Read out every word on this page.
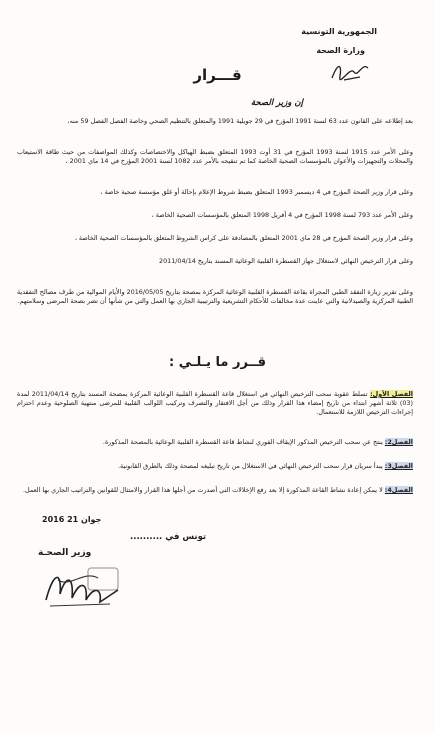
الجمهورية التونسية
وزارة الصحة
قـــرار
إن وزير الصحة
بعد إطلاعه على القانون عدد 63 لسنة 1991 المؤرخ في 29 جويلية 1991 والمتعلق بالتنظيم الصحي وخاصة الفصل الفصل 59 منه،
وعلى الأمر عدد 1915 لسنة 1993 المؤرخ في 31 أوت 1993 المتعلق بضبط الهياكل والاختصاصات وكذلك المواصفات من حيث طاقة الاستيعاب والمحلات والتجهيزات والأعوان بالمؤسسات الصحية الخاصة كما تم تنقيحه بالأمر عدد 1082 لسنة 2001 المؤرخ في 14 ماي 2001 ،
وعلى قرار وزير الصحة المؤرخ في 4 ديسمبر 1993 المتعلق بضبط شروط الإعلام بإحالة أو غلق مؤسسة صحية خاصة ،
وعلى الأمر عدد 793 لسنة 1998 المؤرخ في 4 أفريل 1998 المتعلق بالمؤسسات الصحية الخاصة ،
وعلى قرار وزير الصحة المؤرخ في 28 ماي 2001 المتعلق بالمصادقة على كراس الشروط المتعلق بالمؤسسات الصحية الخاصة ،
وعلى قرار الترخيص النهائي لاستغلال جهاز القسطرة القلبية الوعائية المسند بتاريخ 2011/04/14
وعلى تقرير زيارة التفقد الطبي المجراة بقاعة القسطرة القلبية الوعائية المركزة بمصحة بتاريخ 2016/05/05 والأيام الموالية من طرف مصالح التفقدية الطبية المركزية والصيدلانية والتي عاينت عدة مخالفات للأحكام التشريعية والترتيبية الجاري بها العمل والتي من شأنها أن تضر بصحة المرضى وسلامتهم.
قــرر ما يـلـي :
الفصل الأول: تسلط عقوبة سحب الترخيص النهائي في استغلال قاعة القسطرة القلبية الوعائية المركزة بمصحة المسند بتاريخ 2011/04/14 لمدة (03) ثلاثة أشهر ابتداء من تاريخ إمضاء هذا القرار وذلك من أجل الافتقار والتصرف وتركيب اللوالب القلبية للمرضى منتهية الصلوحية وعدم احترام إجراءات الترخيص اللازمة للاستعمال.
الفصل2: ينتج عن سحب الترخيص المذكور الإيقاف الفوري لنشاط قاعة القسطرة القلبية الوعائية بالمصحة المذكورة.
الفصل3: يبدأ سريان قرار سحب الترخيص النهائي في الاستغلال من تاريخ تبليغه لمصحة وذلك بالطرق القانونية.
الفصل4: لا يمكن إعادة نشاط القاعة المذكورة إلا بعد رفع الإخلالات التي أصدرت من أجلها هذا القرار والامتثال للقوانين والتراتيب الجاري بها العمل.
2016 جوان 21
تونس في ..........
وزير الصحـة
